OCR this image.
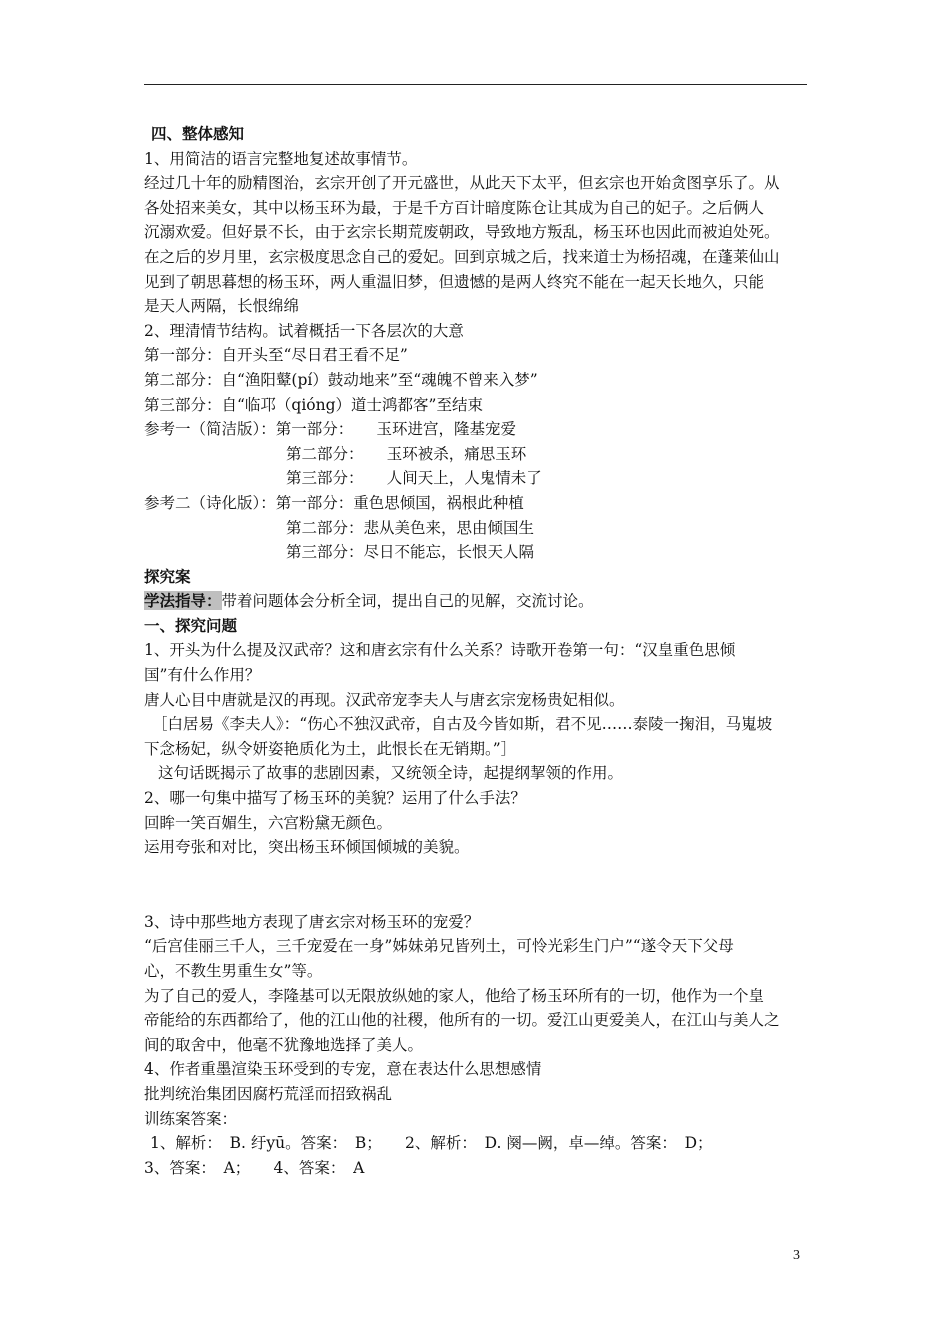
四、整体感知
1、用简洁的语言完整地复述故事情节。
经过几十年的励精图治，玄宗开创了开元盛世，从此天下太平，但玄宗也开始贪图享乐了。从
各处招来美女，其中以杨玉环为最，于是千方百计暗度陈仓让其成为自己的妃子。之后俩人
沉溺欢爱。但好景不长，由于玄宗长期荒废朝政，导致地方叛乱，杨玉环也因此而被迫处死。
在之后的岁月里，玄宗极度思念自己的爱妃。回到京城之后，找来道士为杨招魂，在蓬莱仙山
见到了朝思暮想的杨玉环，两人重温旧梦，但遗憾的是两人终究不能在一起天长地久，只能
是天人两隔，长恨绵绵
2、理清情节结构。试着概括一下各层次的大意
第一部分：自开头至“尽日君王看不足”
第二部分：自“渔阳鼙(pí）鼓动地来”至“魂魄不曾来入梦”
第三部分：自“临邛（qióng）道士鸿都客”至结束
参考一（简洁版）：第一部分：　　玉环进宫，隆基宠爱
第二部分：　　玉环被杀，痛思玉环
第三部分：　　人间天上，人鬼情未了
参考二（诗化版）：第一部分：重色思倾国，祸根此种植
第二部分：悲从美色来，思由倾国生
第三部分：尽日不能忘，长恨天人隔
探究案
学法指导：带着问题体会分析全词，提出自己的见解，交流讨论。
一、探究问题
1、开头为什么提及汉武帝？这和唐玄宗有什么关系？诗歌开卷第一句：“汉皇重色思倾
国”有什么作用？
唐人心目中唐就是汉的再现。汉武帝宠李夫人与唐玄宗宠杨贵妃相似。
［白居易《李夫人》：“伤心不独汉武帝，自古及今皆如斯，君不见……泰陵一掬泪，马嵬坡
下念杨妃，纵令妍姿艳质化为土，此恨长在无销期。”］
这句话既揭示了故事的悲剧因素，又统领全诗，起提纲挈领的作用。
2、哪一句集中描写了杨玉环的美貌？运用了什么手法？
回眸一笑百媚生，六宫粉黛无颜色。
运用夸张和对比，突出杨玉环倾国倾城的美貌。
3、诗中那些地方表现了唐玄宗对杨玉环的宠爱？
“后宫佳丽三千人，三千宠爱在一身”姊妹弟兄皆列土，可怜光彩生门户”“遂令天下父母
心，不教生男重生女”等。
为了自己的爱人，李隆基可以无限放纵她的家人，他给了杨玉环所有的一切，他作为一个皇
帝能给的东西都给了，他的江山他的社稷，他所有的一切。爱江山更爱美人，在江山与美人之
间的取舍中，他毫不犹豫地选择了美人。
4、作者重墨渲染玉环受到的专宠，意在表达什么思想感情
批判统治集团因腐朽荒淫而招致祸乱
训练案答案：
1、解析：　B. 纡yū。答案：　B；　　2、解析：　D. 阕—阙，卓—绰。答案：　D；
3、答案：　A；　　4、答案：　A
3
